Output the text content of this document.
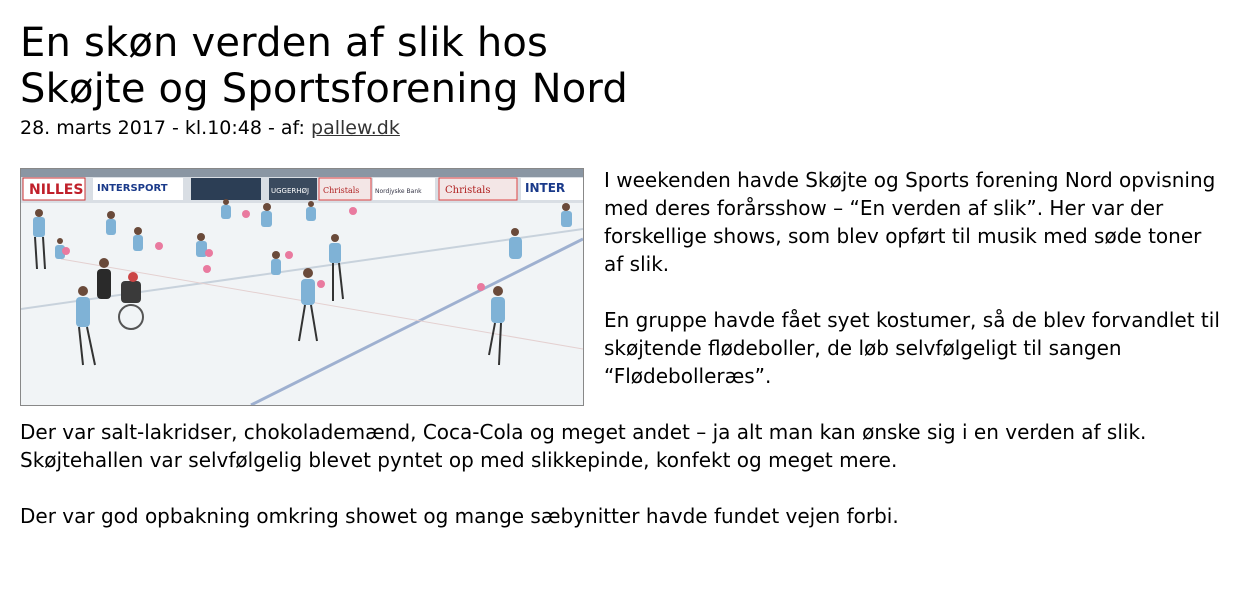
En skøn verden af slik hos
Skøjte og Sportsforening Nord
28. marts 2017 - kl.10:48 - af: pallew.dk
NILLES INTERSPORT	UGGERHØJ Christals	Nordjyske Bank Christals	INTER	I weekenden havde Skøjte og Sports forening Nord opvisning med deres forårsshow – “En verden af slik”. Her var der forskellige shows, som blev opført til musik med søde toner af slik.

En gruppe havde fået syet kostumer, så de blev forvandlet til skøjtende flødeboller, de løb selvfølgeligt til sangen “Flødebolleræs”.

Der var salt-lakridser, chokolademænd, Coca-Cola og meget andet – ja alt man kan ønske sig i en verden af slik.

Skøjtehallen var selvfølgelig blevet pyntet op med slikkepinde, konfekt og meget mere.

Der var god opbakning omkring showet og mange sæbynitter havde fundet vejen forbi.
